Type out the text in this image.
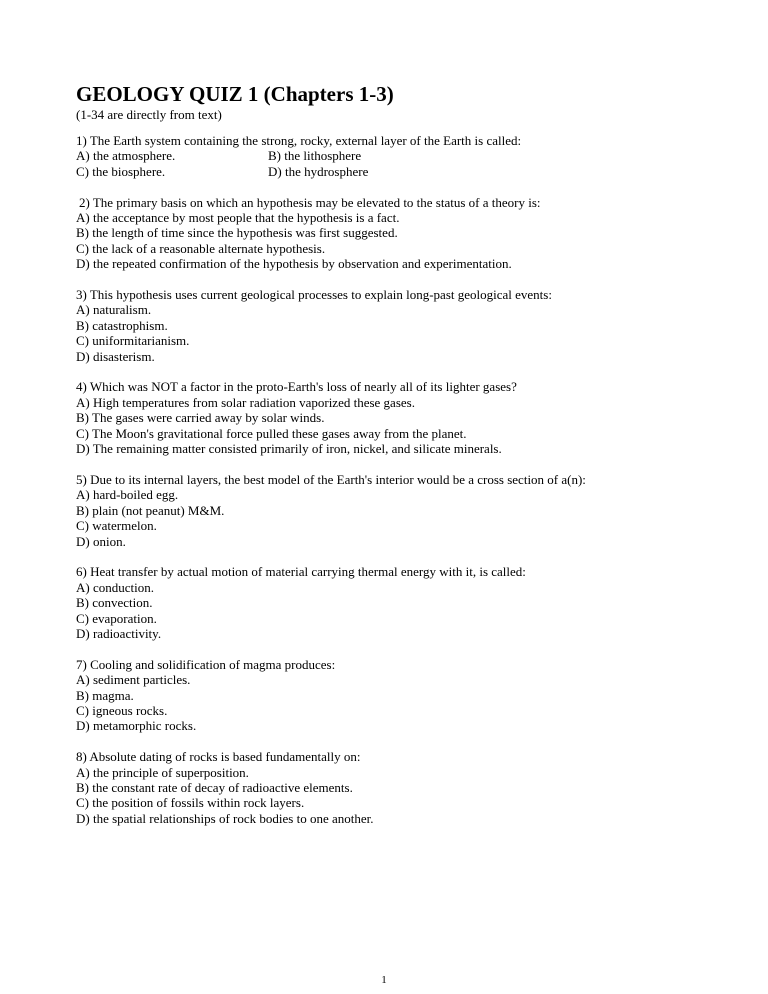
GEOLOGY QUIZ 1 (Chapters 1-3)
(1-34 are directly from text)
1) The Earth system containing the strong, rocky, external layer of the Earth is called:
A) the atmosphere.	B) the lithosphere
C) the biosphere.	D) the hydrosphere
2) The primary basis on which an hypothesis may be elevated to the status of a theory is:
A) the acceptance by most people that the hypothesis is a fact.
B) the length of time since the hypothesis was first suggested.
C) the lack of a reasonable alternate hypothesis.
D) the repeated confirmation of the hypothesis by observation and experimentation.
3) This hypothesis uses current geological processes to explain long-past geological events:
A) naturalism.
B) catastrophism.
C) uniformitarianism.
D) disasterism.
4) Which was NOT a factor in the proto-Earth's loss of nearly all of its lighter gases?
A) High temperatures from solar radiation vaporized these gases.
B) The gases were carried away by solar winds.
C) The Moon's gravitational force pulled these gases away from the planet.
D) The remaining matter consisted primarily of iron, nickel, and silicate minerals.
5) Due to its internal layers, the best model of the Earth's interior would be a cross section of a(n):
A) hard-boiled egg.
B) plain (not peanut) M&M.
C) watermelon.
D) onion.
6) Heat transfer by actual motion of material carrying thermal energy with it, is called:
A) conduction.
B) convection.
C) evaporation.
D) radioactivity.
7) Cooling and solidification of magma produces:
A) sediment particles.
B) magma.
C) igneous rocks.
D) metamorphic rocks.
8) Absolute dating of rocks is based fundamentally on:
A) the principle of superposition.
B) the constant rate of decay of radioactive elements.
C) the position of fossils within rock layers.
D) the spatial relationships of rock bodies to one another.
1
